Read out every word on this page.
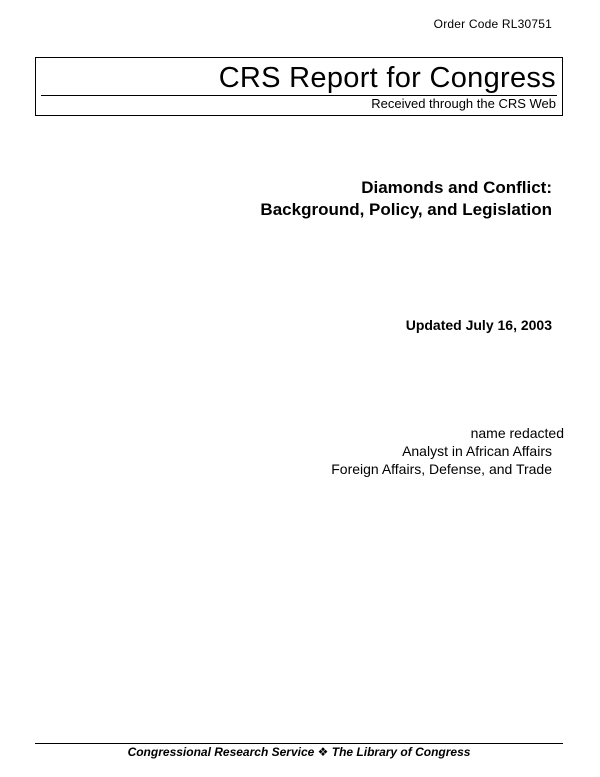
Order Code RL30751
CRS Report for Congress
Received through the CRS Web
Diamonds and Conflict:
Background, Policy, and Legislation
Updated July 16, 2003
name redacted
Analyst in African Affairs
Foreign Affairs, Defense, and Trade
Congressional Research Service ❖ The Library of Congress
